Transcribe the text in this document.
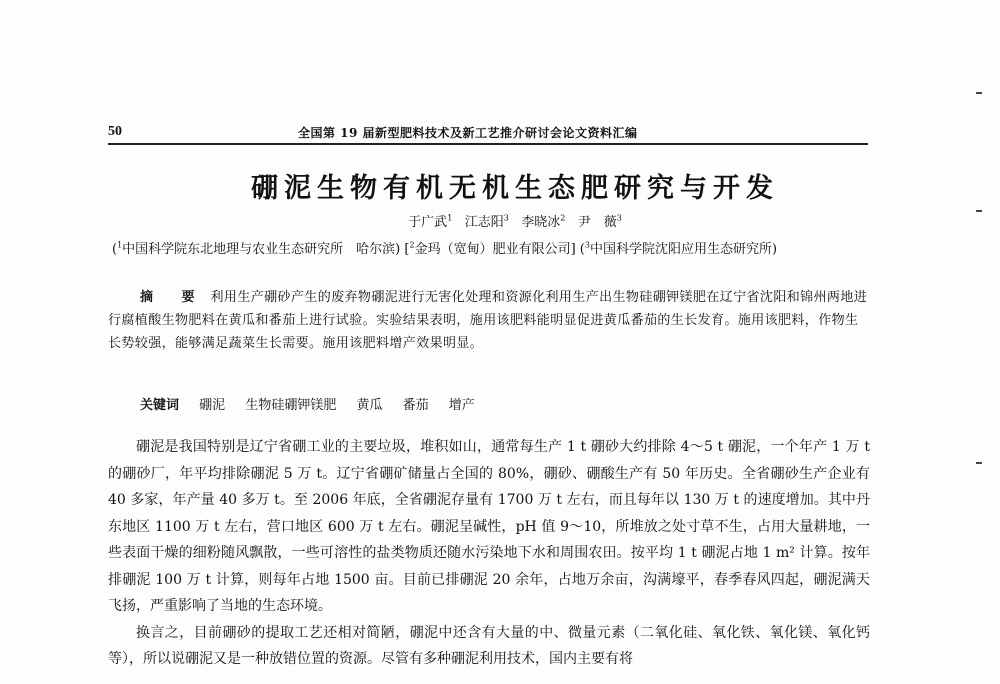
50	全国第 19 届新型肥料技术及新工艺推介研讨会论文资料汇编
硼泥生物有机无机生态肥研究与开发
于广武$^1$ 江志阳$^3$ 李晓冰$^2$ 尹　薇$^3$
($^1$中国科学院东北地理与农业生态研究所　哈尔滨) [$^2$金玛（宽甸）肥业有限公司] ($^3$中国科学院沈阳应用生态研究所)
摘 要 利用生产硼砂产生的废弃物硼泥进行无害化处理和资源化利用生产出生物硅硼钾镁肥在辽宁省沈阳和锦州两地进行腐植酸生物肥料在黄瓜和番茄上进行试验。实验结果表明，施用该肥料能明显促进黄瓜番茄的生长发育。施用该肥料，作物生长势较强，能够满足蔬菜生长需要。施用该肥料增产效果明显。
关键词 硼泥 生物硅硼钾镁肥 黄瓜 番茄 增产

硼泥是我国特别是辽宁省硼工业的主要垃圾，堆积如山，通常每生产 1 t 硼砂大约排除 4～5 t 硼泥，一个年产 1 万 t 的硼砂厂，年平均排除硼泥 5 万 t。辽宁省硼矿储量占全国的 80%，硼砂、硼酸生产有 50 年历史。全省硼砂生产企业有 40 多家，年产量 40 多万 t。至 2006 年底，全省硼泥存量有 1700 万 t 左右，而且每年以 130 万 t 的速度增加。其中丹东地区 1100 万 t 左右，营口地区 600 万 t 左右。硼泥呈碱性，pH 值 9～10，所堆放之处寸草不生，占用大量耕地，一些表面干燥的细粉随风飘散，一些可溶性的盐类物质还随水污染地下水和周围农田。按平均 1 t 硼泥占地 1 m² 计算。按年排硼泥 100 万 t 计算，则每年占地 1500 亩。目前已排硼泥 20 余年，占地万余亩，沟满壕平，春季春风四起，硼泥满天飞扬，严重影响了当地的生态环境。

换言之，目前硼砂的提取工艺还相对简陋，硼泥中还含有大量的中、微量元素（二氧化硅、氧化铁、氧化镁、氧化钙等），所以说硼泥又是一种放错位置的资源。尽管有多种硼泥利用技术，国内主要有将
